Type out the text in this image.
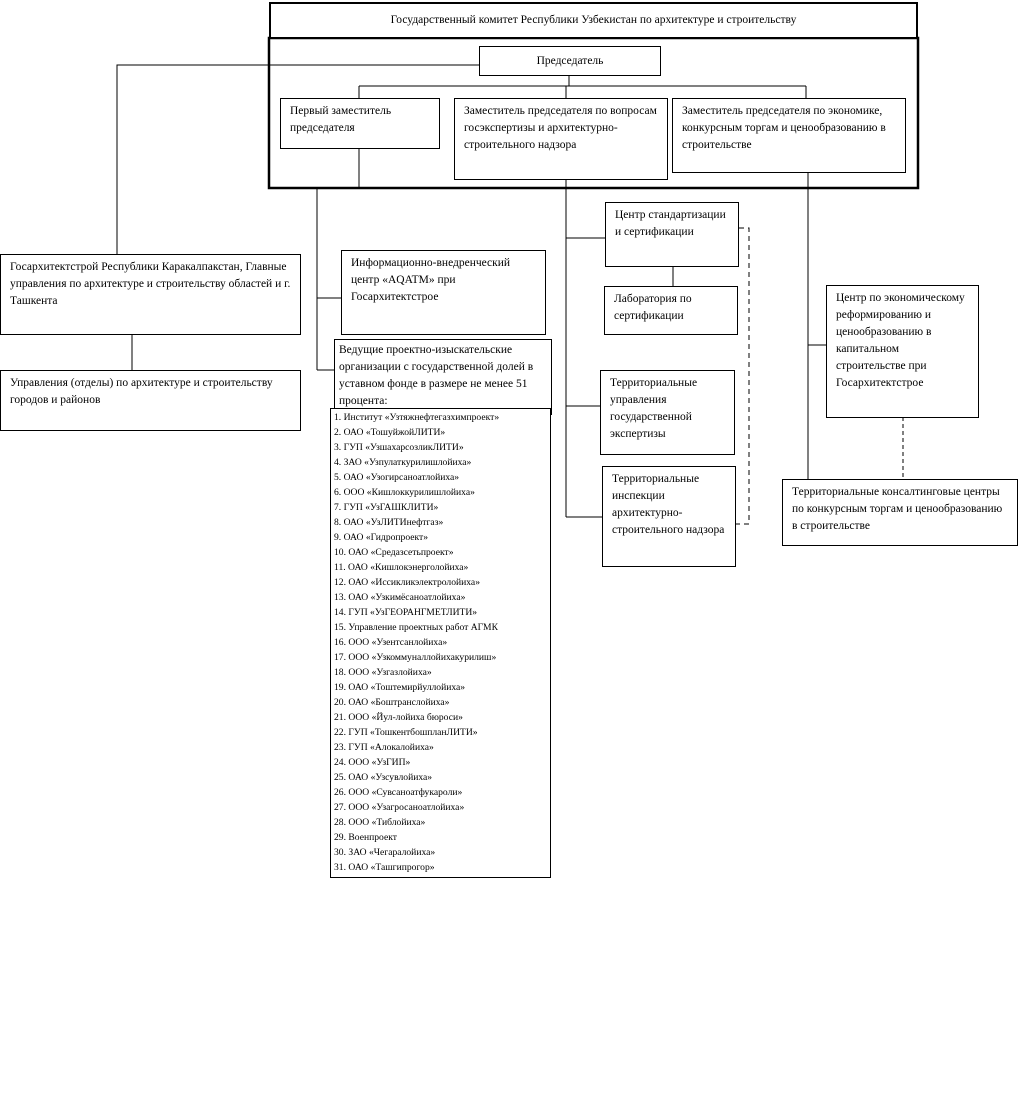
Государственный комитет Республики Узбекистан по архитектуре и строительству
Председатель
Первый заместитель председателя
Заместитель председателя по вопросам госэкспертизы и архитектурно-строительного надзора
Заместитель председателя по экономике, конкурсным торгам и ценообразованию в строительстве
Госархитектстрой Республики Каракалпакстан, Главные управления по архитектуре и строительству областей и г. Ташкента
Управления (отделы) по архитектуре и строительству городов и районов
Информационно-внедренческий центр «AQATM» при Госархитектстрое
Центр стандартизации и сертификации
Лаборатория по сертификации
Территориальные управления государственной экспертизы
Территориальные инспекции архитектурно-строительного надзора
Центр по экономическому реформированию и ценообразованию в капитальном строительстве при Госархитектстрое
Территориальные консалтинговые центры по конкурсным торгам и ценообразованию в строительстве
Ведущие проектно-изыскательские организации с государственной долей в уставном фонде в размере не менее 51 процента:
1. Институт «Узтяжнефтегазхимпроект»
2. ОАО «ТошуйжойЛИТИ»
3. ГУП «УзшахарсозликЛИТИ»
4. ЗАО «Узпулаткурилишлойиха»
5. ОАО «Узогирсаноатлойиха»
6. ООО «Кишлоккурилишлойиха»
7. ГУП «УзГАШКЛИТИ»
8. ОАО «УзЛИТИнефтгаз»
9. ОАО «Гидропроект»
10. ОАО «Средазсетьпроект»
11. ОАО «Кишлокэнерголойиха»
12. ОАО «Иссикликэлектролойиха»
13. ОАО «Узкимёсаноатлойиха»
14. ГУП «УзГЕОРАНГМЕТЛИТИ»
15. Управление проектных работ АГМК
16. ООО «Узентсанлойиха»
17. ООО «Узкоммуналлойихакурилиш»
18. ООО «Узгазлойиха»
19. ОАО «Тоштемирйуллойиха»
20. ОАО «Боштранслойиха»
21. ООО «Йул-лойиха бюроси»
22. ГУП «ТошкентбошпланЛИТИ»
23. ГУП «Алокалойиха»
24. ООО «УзГИП»
25. ОАО «Узсувлойиха»
26. ООО «Сувсаноатфукароли»
27. ООО «Узагросаноатлойиха»
28. ООО «Тиблойиха»
29. Военпроект
30. ЗАО «Чегаралойиха»
31. ОАО «Ташгипрогор»
